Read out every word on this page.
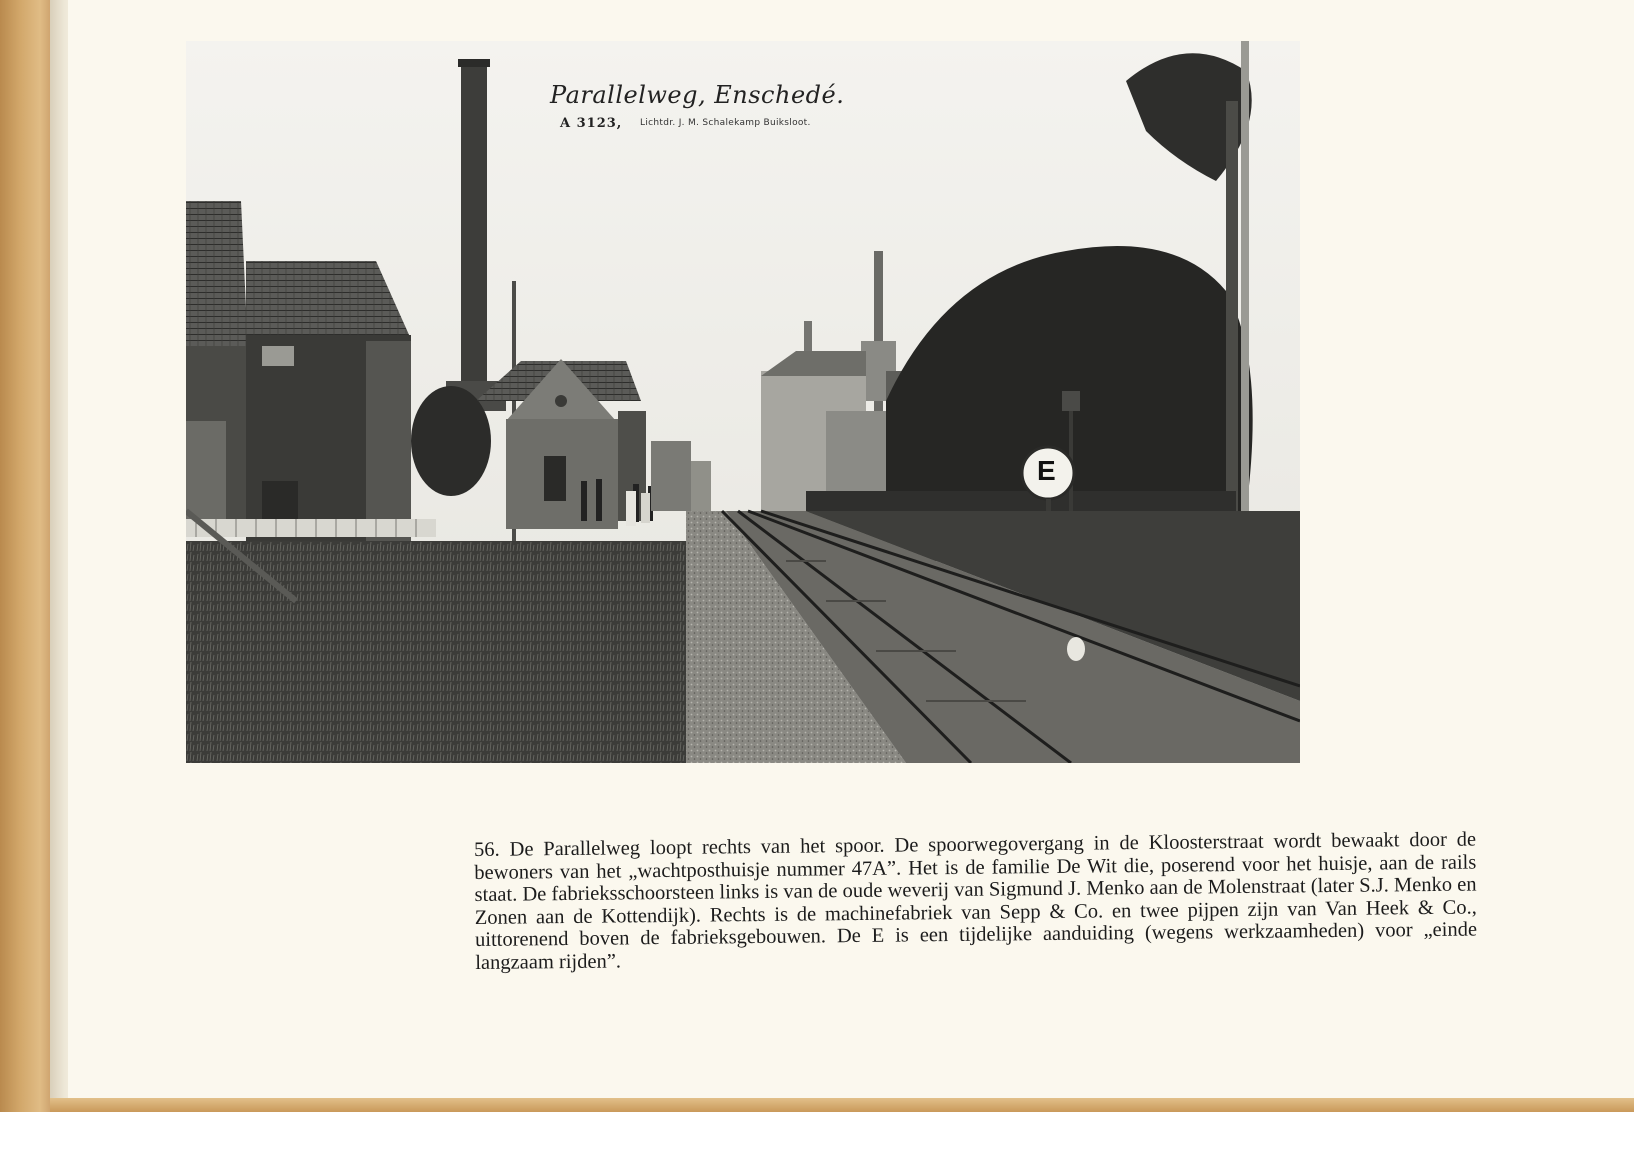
Parallelweg, Enschedé.
A 3123, Lichtdr. J. M. Schalekamp Buiksloot.
E
56. De Parallelweg loopt rechts van het spoor. De spoorwegovergang in de Kloosterstraat wordt bewaakt door de bewoners van het „wachtposthuisje nummer 47A”. Het is de familie De Wit die, poserend voor het huisje, aan de rails staat. De fabrieksschoorsteen links is van de oude weverij van Sigmund J. Menko aan de Molenstraat (later S.J. Menko en Zonen aan de Kottendijk). Rechts is de machinefabriek van Sepp & Co. en twee pijpen zijn van Van Heek & Co., uittorenend boven de fabrieksgebouwen. De E is een tijdelijke aanduiding (wegens werkzaamheden) voor „einde langzaam rijden”.
